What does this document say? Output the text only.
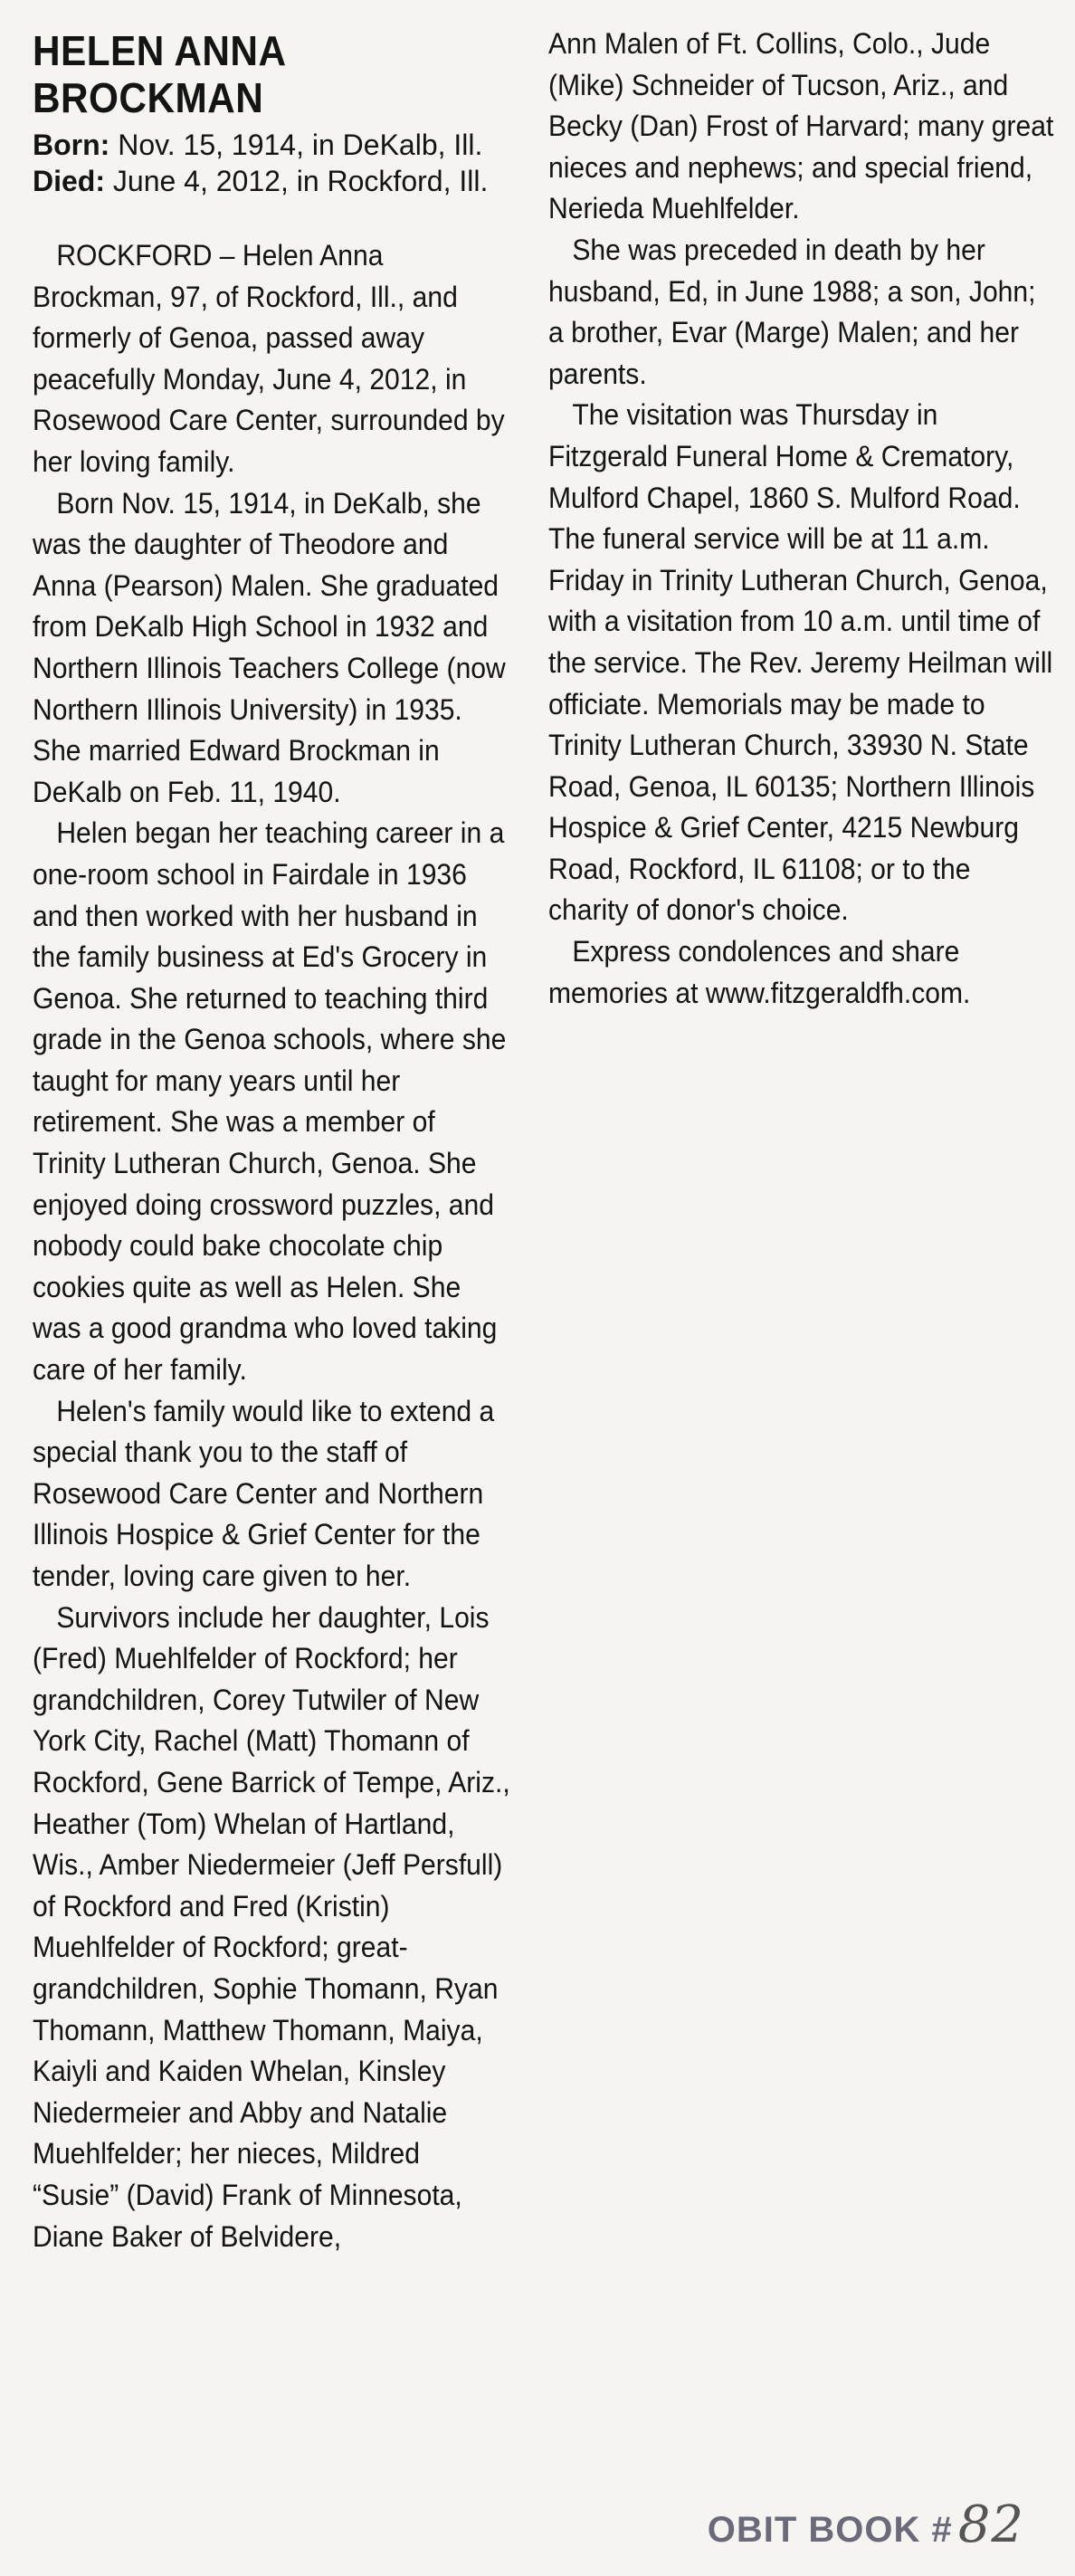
HELEN ANNA
BROCKMAN
Born: Nov. 15, 1914, in DeKalb, Ill.
Died: June 4, 2012, in Rockford, Ill.

ROCKFORD – Helen Anna Brockman, 97, of Rockford, Ill., and formerly of Genoa, passed away peacefully Monday, June 4, 2012, in Rosewood Care Center, surrounded by her loving family.

Born Nov. 15, 1914, in DeKalb, she was the daughter of Theodore and Anna (Pearson) Malen. She graduated from DeKalb High School in 1932 and Northern Illinois Teachers College (now Northern Illinois University) in 1935. She married Edward Brockman in DeKalb on Feb. 11, 1940.

Helen began her teaching career in a one-room school in Fairdale in 1936 and then worked with her husband in the family business at Ed's Grocery in Genoa. She returned to teaching third grade in the Genoa schools, where she taught for many years until her retirement. She was a member of Trinity Lutheran Church, Genoa. She enjoyed doing crossword puzzles, and nobody could bake chocolate chip cookies quite as well as Helen. She was a good grandma who loved taking care of her family.

Helen's family would like to extend a special thank you to the staff of Rosewood Care Center and Northern Illinois Hospice & Grief Center for the tender, loving care given to her.

Survivors include her daughter, Lois (Fred) Muehlfelder of Rockford; her grandchildren, Corey Tutwiler of New York City, Rachel (Matt) Thomann of Rockford, Gene Barrick of Tempe, Ariz., Heather (Tom) Whelan of Hartland, Wis., Amber Niedermeier (Jeff Persfull) of Rockford and Fred (Kristin) Muehlfelder of Rockford; great-grandchildren, Sophie Thomann, Ryan Thomann, Matthew Thomann, Maiya, Kaiyli and Kaiden Whelan, Kinsley Niedermeier and Abby and Natalie Muehlfelder; her nieces, Mildred “Susie” (David) Frank of Minnesota, Diane Baker of Belvidere,

Ann Malen of Ft. Collins, Colo., Jude (Mike) Schneider of Tucson, Ariz., and Becky (Dan) Frost of Harvard; many great nieces and nephews; and special friend, Nerieda Muehlfelder.

She was preceded in death by her husband, Ed, in June 1988; a son, John; a brother, Evar (Marge) Malen; and her parents.

The visitation was Thursday in Fitzgerald Funeral Home & Crematory, Mulford Chapel, 1860 S. Mulford Road. The funeral service will be at 11 a.m. Friday in Trinity Lutheran Church, Genoa, with a visitation from 10 a.m. until time of the service. The Rev. Jeremy Heilman will officiate. Memorials may be made to Trinity Lutheran Church, 33930 N. State Road, Genoa, IL 60135; Northern Illinois Hospice & Grief Center, 4215 Newburg Road, Rockford, IL 61108; or to the charity of donor's choice.

Express condolences and share memories at www.fitzgeraldfh.com.

OBIT BOOK # 82
